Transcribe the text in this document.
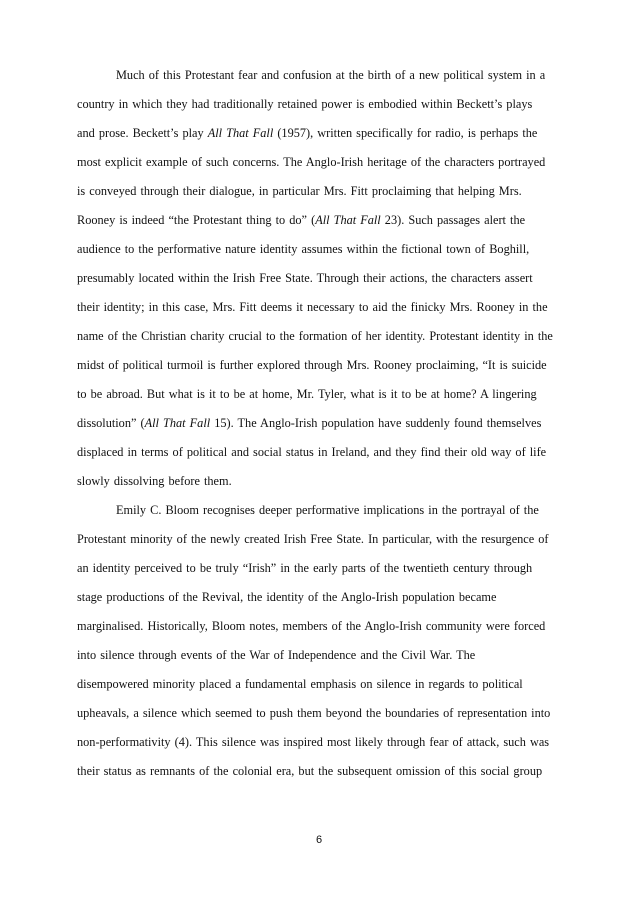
Much of this Protestant fear and confusion at the birth of a new political system in a
country in which they had traditionally retained power is embodied within Beckett’s plays
and prose. Beckett’s play All That Fall (1957), written specifically for radio, is perhaps the
most explicit example of such concerns. The Anglo-Irish heritage of the characters portrayed
is conveyed through their dialogue, in particular Mrs. Fitt proclaiming that helping Mrs.
Rooney is indeed “the Protestant thing to do” (All That Fall 23). Such passages alert the
audience to the performative nature identity assumes within the fictional town of Boghill,
presumably located within the Irish Free State. Through their actions, the characters assert
their identity; in this case, Mrs. Fitt deems it necessary to aid the finicky Mrs. Rooney in the
name of the Christian charity crucial to the formation of her identity. Protestant identity in the
midst of political turmoil is further explored through Mrs. Rooney proclaiming, “It is suicide
to be abroad. But what is it to be at home, Mr. Tyler, what is it to be at home? A lingering
dissolution” (All That Fall 15). The Anglo-Irish population have suddenly found themselves
displaced in terms of political and social status in Ireland, and they find their old way of life
slowly dissolving before them.
Emily C. Bloom recognises deeper performative implications in the portrayal of the
Protestant minority of the newly created Irish Free State. In particular, with the resurgence of
an identity perceived to be truly “Irish” in the early parts of the twentieth century through
stage productions of the Revival, the identity of the Anglo-Irish population became
marginalised. Historically, Bloom notes, members of the Anglo-Irish community were forced
into silence through events of the War of Independence and the Civil War. The
disempowered minority placed a fundamental emphasis on silence in regards to political
upheavals, a silence which seemed to push them beyond the boundaries of representation into
non-performativity (4). This silence was inspired most likely through fear of attack, such was
their status as remnants of the colonial era, but the subsequent omission of this social group
6
